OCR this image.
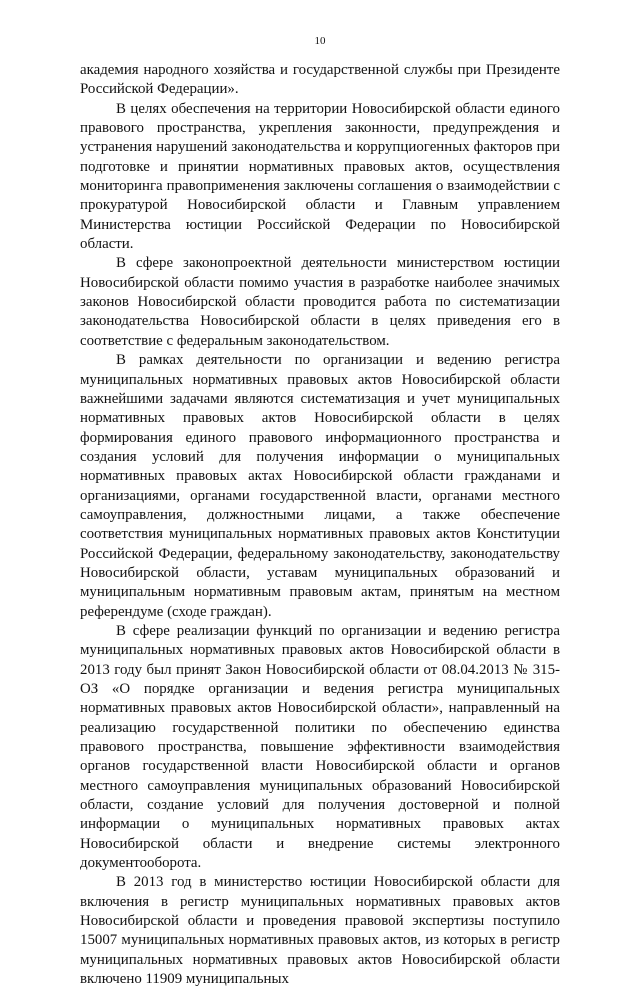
10

академия народного хозяйства и государственной службы при Президенте Российской Федерации».

В целях обеспечения на территории Новосибирской области единого правового пространства, укрепления законности, предупреждения и устранения нарушений законодательства и коррупциогенных факторов при подготовке и принятии нормативных правовых актов, осуществления мониторинга правоприменения заключены соглашения о взаимодействии с прокуратурой Новосибирской области и Главным управлением Министерства юстиции Российской Федерации по Новосибирской области.

В сфере законопроектной деятельности министерством юстиции Новосибирской области помимо участия в разработке наиболее значимых законов Новосибирской области проводится работа по систематизации законодательства Новосибирской области в целях приведения его в соответствие с федеральным законодательством.

В рамках деятельности по организации и ведению регистра муниципальных нормативных правовых актов Новосибирской области важнейшими задачами являются систематизация и учет муниципальных нормативных правовых актов Новосибирской области в целях формирования единого правового информационного пространства и создания условий для получения информации о муниципальных нормативных правовых актах Новосибирской области гражданами и организациями, органами государственной власти, органами местного самоуправления, должностными лицами, а также обеспечение соответствия муниципальных нормативных правовых актов Конституции Российской Федерации, федеральному законодательству, законодательству Новосибирской области, уставам муниципальных образований и муниципальным нормативным правовым актам, принятым на местном референдуме (сходе граждан).

В сфере реализации функций по организации и ведению регистра муниципальных нормативных правовых актов Новосибирской области в 2013 году был принят Закон Новосибирской области от 08.04.2013 № 315-ОЗ «О порядке организации и ведения регистра муниципальных нормативных правовых актов Новосибирской области», направленный на реализацию государственной политики по обеспечению единства правового пространства, повышение эффективности взаимодействия органов государственной власти Новосибирской области и органов местного самоуправления муниципальных образований Новосибирской области, создание условий для получения достоверной и полной информации о муниципальных нормативных правовых актах Новосибирской области и внедрение системы электронного документооборота.

В 2013 год в министерство юстиции Новосибирской области для включения в регистр муниципальных нормативных правовых актов Новосибирской области и проведения правовой экспертизы поступило 15007 муниципальных нормативных правовых актов, из которых в регистр муниципальных нормативных правовых актов Новосибирской области включено 11909 муниципальных
